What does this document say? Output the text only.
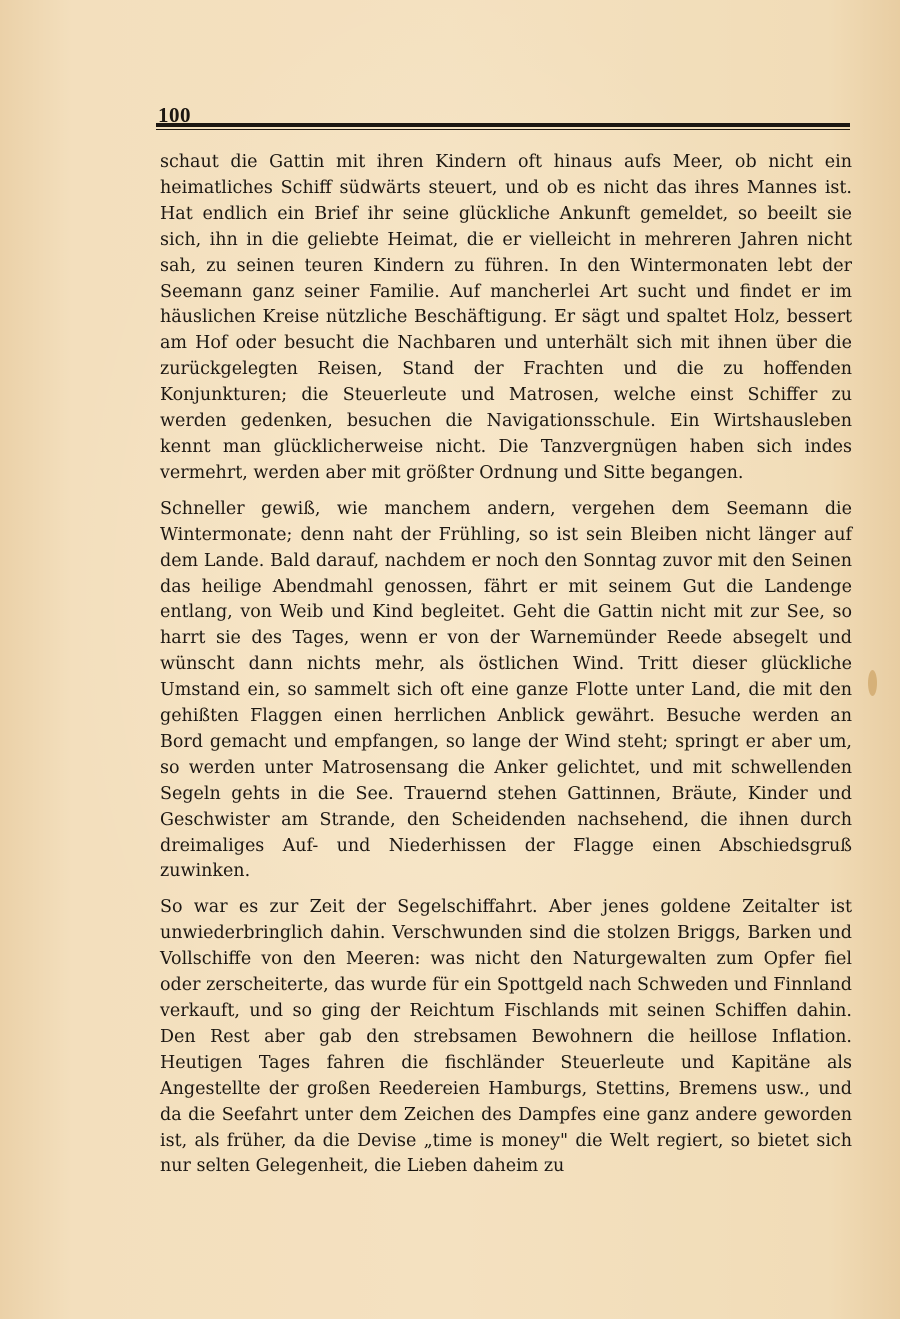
100

schaut die Gattin mit ihren Kindern oft hinaus aufs Meer, ob nicht ein heimatliches Schiff südwärts steuert, und ob es nicht das ihres Mannes ist. Hat endlich ein Brief ihr seine glückliche Ankunft gemeldet, so beeilt sie sich, ihn in die geliebte Heimat, die er vielleicht in mehreren Jahren nicht sah, zu seinen teuren Kindern zu führen. In den Wintermonaten lebt der Seemann ganz seiner Familie. Auf mancherlei Art sucht und findet er im häuslichen Kreise nützliche Beschäftigung. Er sägt und spaltet Holz, bessert am Hof oder besucht die Nachbaren und unterhält sich mit ihnen über die zurückgelegten Reisen, Stand der Frachten und die zu hoffenden Konjunkturen; die Steuerleute und Matrosen, welche einst Schiffer zu werden gedenken, besuchen die Navigationsschule. Ein Wirtshausleben kennt man glücklicherweise nicht. Die Tanzvergnügen haben sich indes vermehrt, werden aber mit größter Ordnung und Sitte begangen.

Schneller gewiß, wie manchem andern, vergehen dem Seemann die Wintermonate; denn naht der Frühling, so ist sein Bleiben nicht länger auf dem Lande. Bald darauf, nachdem er noch den Sonntag zuvor mit den Seinen das heilige Abendmahl genossen, fährt er mit seinem Gut die Landenge entlang, von Weib und Kind begleitet. Geht die Gattin nicht mit zur See, so harrt sie des Tages, wenn er von der Warnemünder Reede absegelt und wünscht dann nichts mehr, als östlichen Wind. Tritt dieser glückliche Umstand ein, so sammelt sich oft eine ganze Flotte unter Land, die mit den gehißten Flaggen einen herrlichen Anblick gewährt. Besuche werden an Bord gemacht und empfangen, so lange der Wind steht; springt er aber um, so werden unter Matrosensang die Anker gelichtet, und mit schwellenden Segeln gehts in die See. Trauernd stehen Gattinnen, Bräute, Kinder und Geschwister am Strande, den Scheidenden nachsehend, die ihnen durch dreimaliges Auf- und Niederhissen der Flagge einen Abschiedsgruß zuwinken.

So war es zur Zeit der Segelschiffahrt. Aber jenes goldene Zeitalter ist unwiederbringlich dahin. Verschwunden sind die stolzen Briggs, Barken und Vollschiffe von den Meeren: was nicht den Naturgewalten zum Opfer fiel oder zerscheiterte, das wurde für ein Spottgeld nach Schweden und Finnland verkauft, und so ging der Reichtum Fischlands mit seinen Schiffen dahin. Den Rest aber gab den strebsamen Bewohnern die heillose Inflation. Heutigen Tages fahren die fischländer Steuerleute und Kapitäne als Angestellte der großen Reedereien Hamburgs, Stettins, Bremens usw., und da die Seefahrt unter dem Zeichen des Dampfes eine ganz andere geworden ist, als früher, da die Devise „time is money" die Welt regiert, so bietet sich nur selten Gelegenheit, die Lieben daheim zu
